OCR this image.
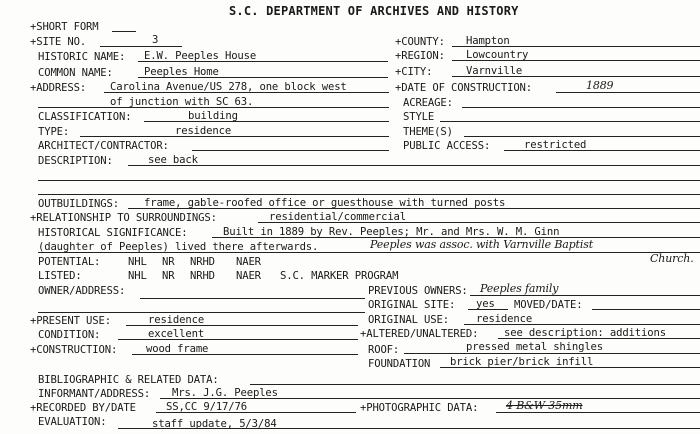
S.C. DEPARTMENT OF ARCHIVES AND HISTORY
+SHORT FORM
+SITE NO.	3	+COUNTY: Hampton
HISTORIC NAME: E.W. Peeples House	+REGION: Lowcountry
COMMON NAME:	Peeples Home	+CITY:	Varnville
+ADDRESS: Carolina Avenue/US 278, one block west
of junction with SC 63.
+DATE OF CONSTRUCTION:	1889
ACREAGE:
CLASSIFICATION:	building	STYLE
TYPE:	residence	THEME(S)
ARCHITECT/CONTRACTOR:	PUBLIC ACCESS:	restricted
DESCRIPTION:	see back
OUTBUILDINGS: frame, gable-roofed office or guesthouse with turned posts
+RELATIONSHIP TO SURROUNDINGS:	residential/commercial
HISTORICAL SIGNIFICANCE:	Built in 1889 by Rev. Peeples; Mr. and Mrs. W. M. Ginn
(daughter of Peeples) lived there afterwards.	Peeples was assoc. with Varnville Baptist
Church.
POTENTIAL:	NHL NR NRHD NAER
LISTED:	NHL NR NRHD NAER S.C. MARKER PROGRAM
OWNER/ADDRESS:	PREVIOUS OWNERS: Peeples family
ORIGINAL SITE: yes MOVED/DATE:
+PRESENT USE:	residence	ORIGINAL USE:	residence
CONDITION:	excellent	+ALTERED/UNALTERED: see description: additions
+CONSTRUCTION:	wood frame	ROOF:	pressed metal shingles
FOUNDATION brick pier/brick infill
BIBLIOGRAPHIC & RELATED DATA:
INFORMANT/ADDRESS: Mrs. J.G. Peeples
+RECORDED BY/DATE	SS,CC 9/17/76	+PHOTOGRAPHIC DATA:	4 B&W 35mm
EVALUATION:	staff update, 5/3/84
